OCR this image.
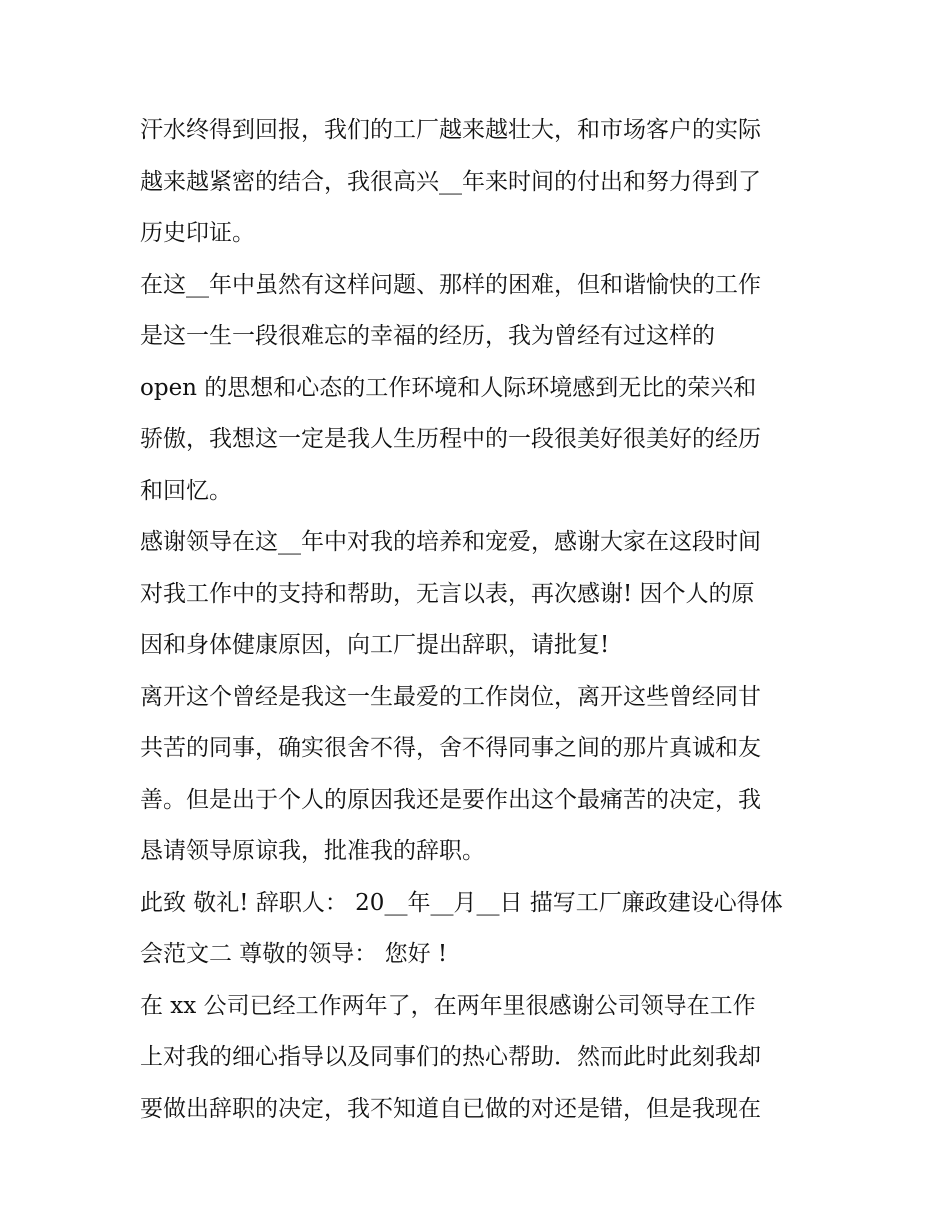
汗水终得到回报，我们的工厂越来越壮大，和市场客户的实际
越来越紧密的结合，我很高兴__年来时间的付出和努力得到了
历史印证。
在这__年中虽然有这样问题、那样的困难，但和谐愉快的工作
是这一生一段很难忘的幸福的经历，我为曾经有过这样的
open 的思想和心态的工作环境和人际环境感到无比的荣兴和
骄傲，我想这一定是我人生历程中的一段很美好很美好的经历
和回忆。
感谢领导在这__年中对我的培养和宠爱，感谢大家在这段时间
对我工作中的支持和帮助，无言以表，再次感谢! 因个人的原
因和身体健康原因，向工厂提出辞职，请批复!
离开这个曾经是我这一生最爱的工作岗位，离开这些曾经同甘
共苦的同事，确实很舍不得，舍不得同事之间的那片真诚和友
善。但是出于个人的原因我还是要作出这个最痛苦的决定，我
恳请领导原谅我，批准我的辞职。
此致 敬礼! 辞职人： 20__年__月__日 描写工厂廉政建设心得体
会范文二 尊敬的领导： 您好 !
在 xx 公司已经工作两年了，在两年里很感谢公司领导在工作
上对我的细心指导以及同事们的热心帮助．然而此时此刻我却
要做出辞职的决定，我不知道自已做的对还是错，但是我现在
